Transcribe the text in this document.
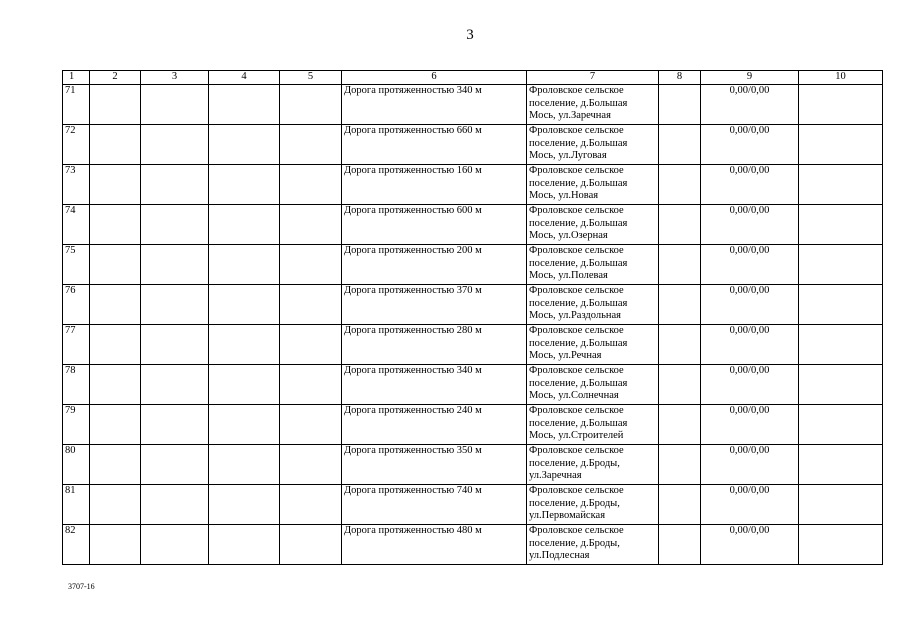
3
1	2	3	4	5	6	7	8	9	10
71					Дорога протяженностью 340 м	Фроловское сельское
поселение, д.Большая
Мось, ул.Заречная		0,00/0,00	
72					Дорога протяженностью 660 м	Фроловское сельское
поселение, д.Большая
Мось, ул.Луговая		0,00/0,00	
73					Дорога протяженностью 160 м	Фроловское сельское
поселение, д.Большая
Мось, ул.Новая		0,00/0,00	
74					Дорога протяженностью 600 м	Фроловское сельское
поселение, д.Большая
Мось, ул.Озерная		0,00/0,00	
75					Дорога протяженностью 200 м	Фроловское сельское
поселение, д.Большая
Мось, ул.Полевая		0,00/0,00	
76					Дорога протяженностью 370 м	Фроловское сельское
поселение, д.Большая
Мось, ул.Раздольная		0,00/0,00	
77					Дорога протяженностью 280 м	Фроловское сельское
поселение, д.Большая
Мось, ул.Речная		0,00/0,00	
78					Дорога протяженностью 340 м	Фроловское сельское
поселение, д.Большая
Мось, ул.Солнечная		0,00/0,00	
79					Дорога протяженностью 240 м	Фроловское сельское
поселение, д.Большая
Мось, ул.Строителей		0,00/0,00	
80					Дорога протяженностью 350 м	Фроловское сельское
поселение, д.Броды,
ул.Заречная		0,00/0,00	
81					Дорога протяженностью 740 м	Фроловское сельское
поселение, д.Броды,
ул.Первомайская		0,00/0,00	
82					Дорога протяженностью 480 м	Фроловское сельское
поселение, д.Броды,
ул.Подлесная		0,00/0,00	
3707-16
